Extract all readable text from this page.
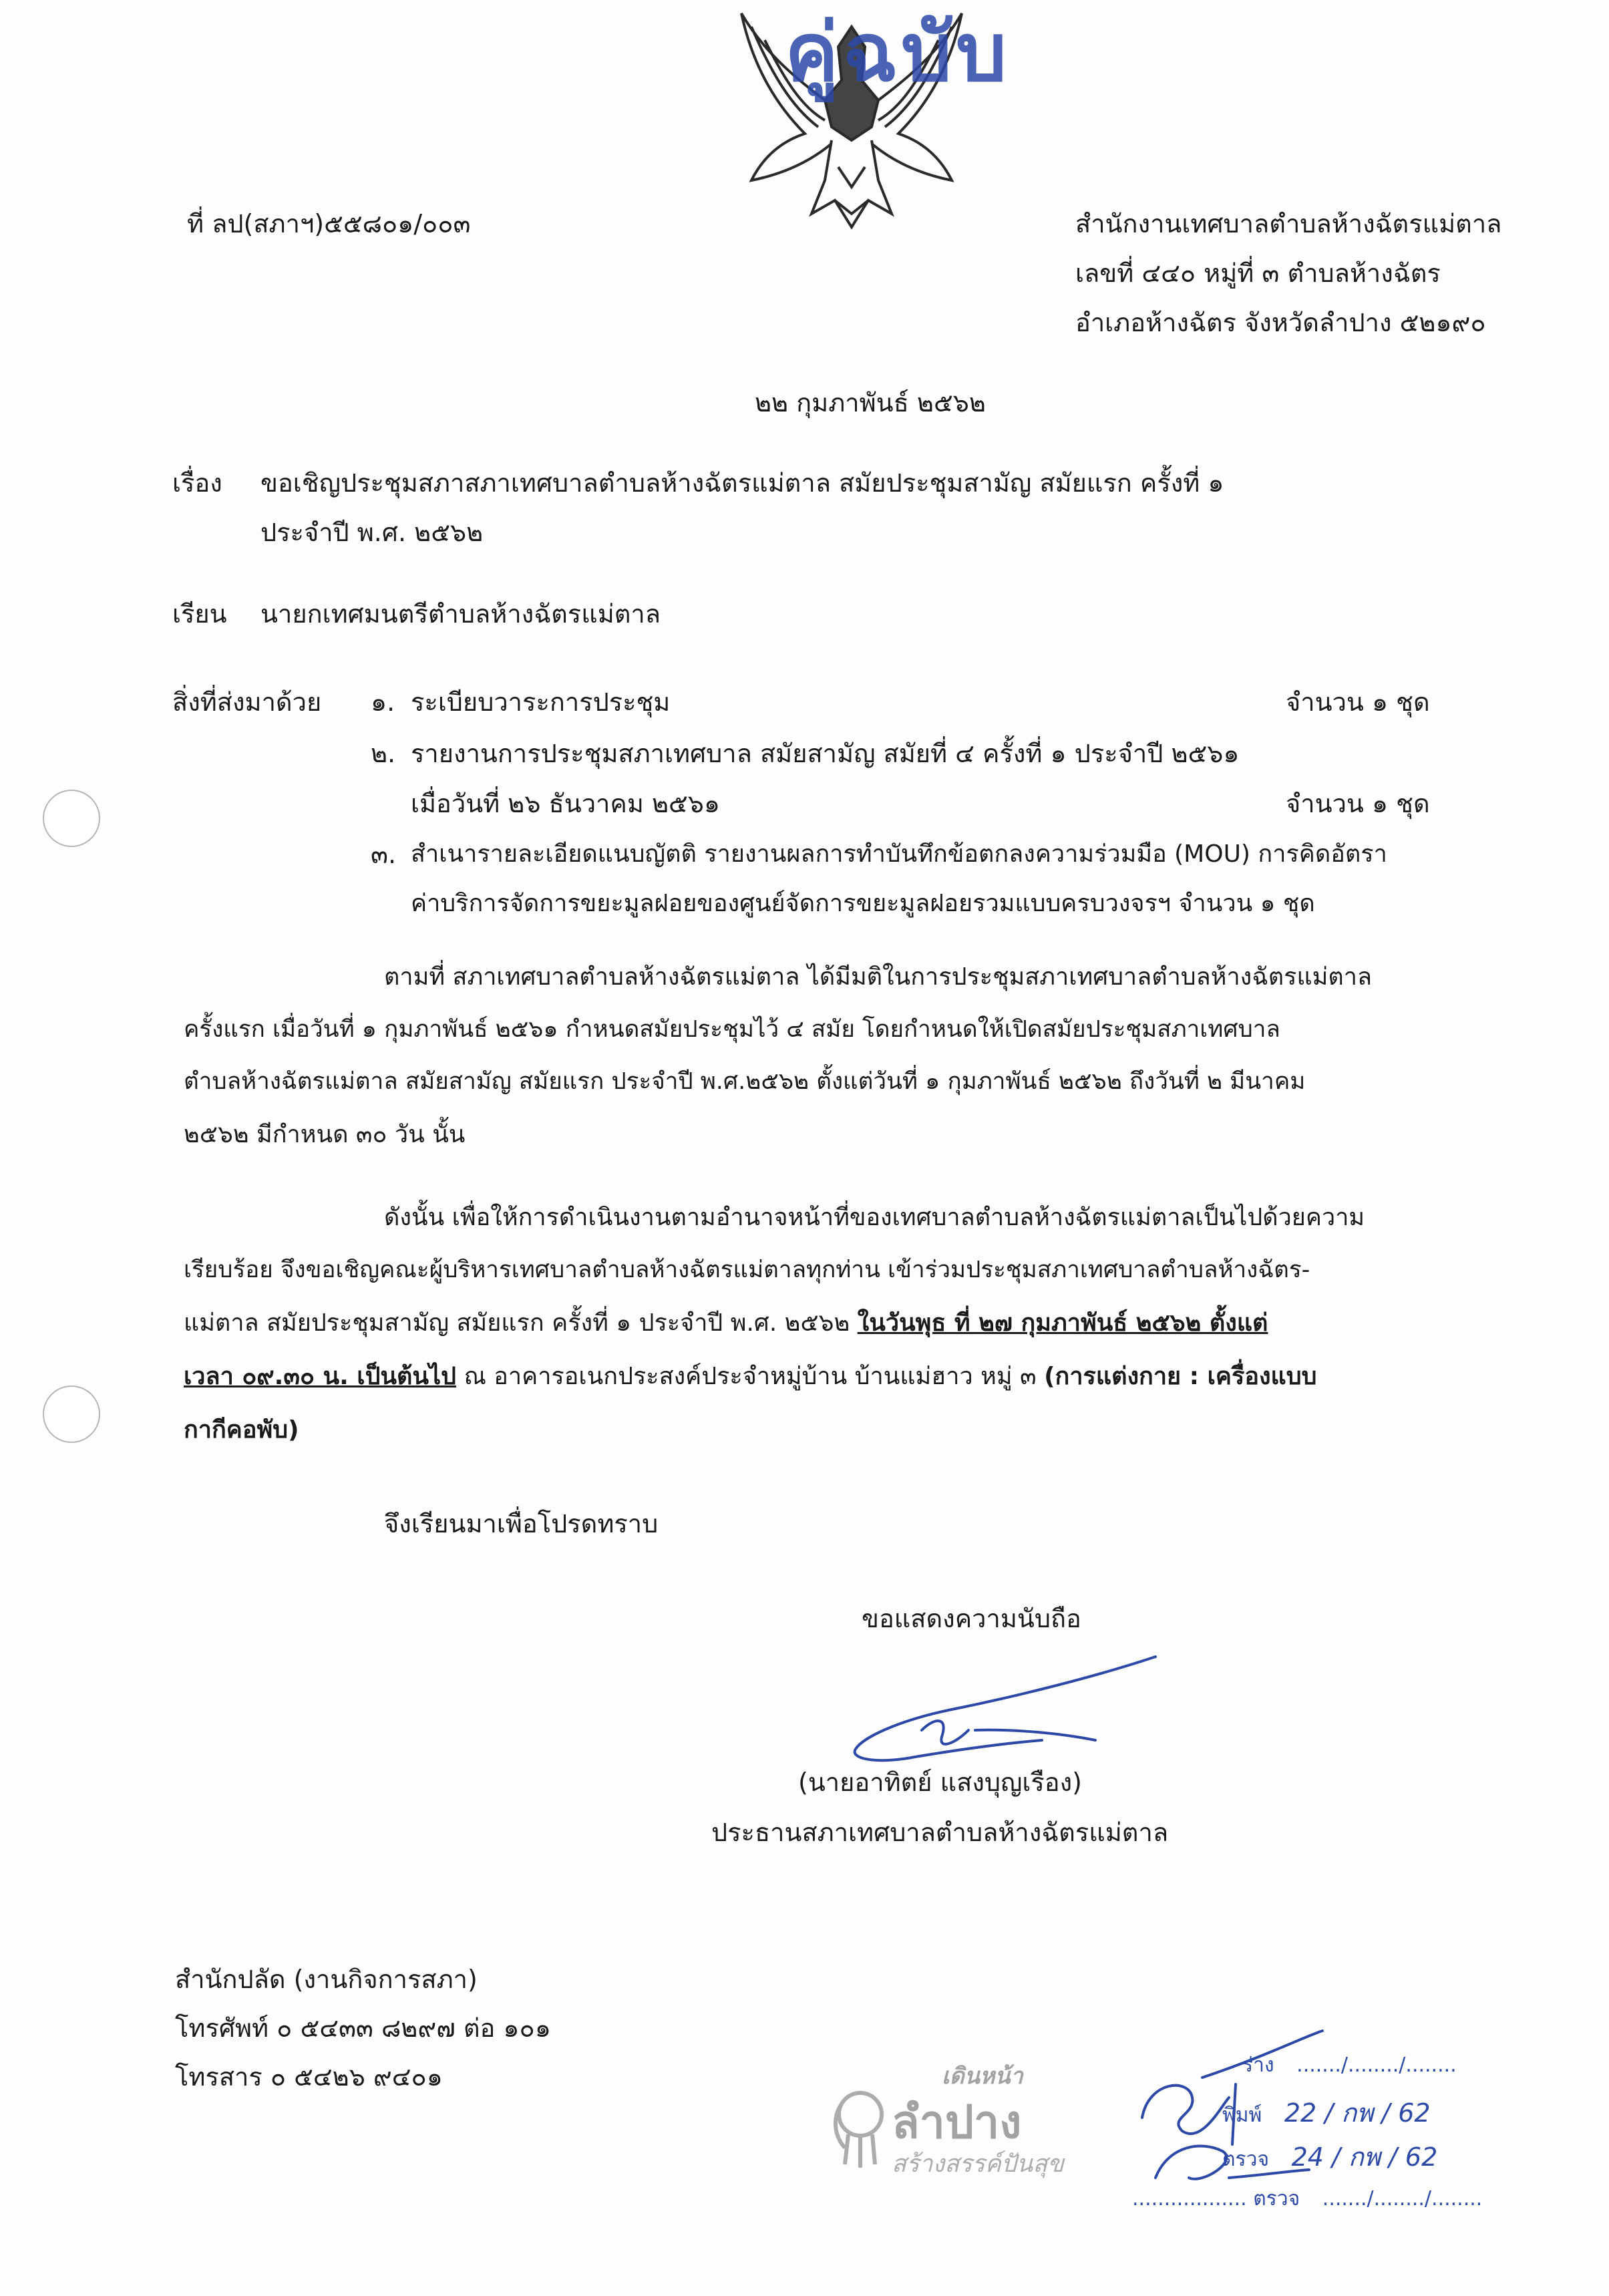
คู่ฉบับ
ที่ ลป(สภาฯ)๕๕๘๐๑/๐๐๓	สำนักงานเทศบาลตำบลห้างฉัตรแม่ตาล
เลขที่ ๔๔๐ หมู่ที่ ๓ ตำบลห้างฉัตร
อำเภอห้างฉัตร จังหวัดลำปาง ๕๒๑๙๐
๒๒ กุมภาพันธ์ ๒๕๖๒
เรื่อง ขอเชิญประชุมสภาสภาเทศบาลตำบลห้างฉัตรแม่ตาล สมัยประชุมสามัญ สมัยแรก ครั้งที่ ๑
ประจำปี พ.ศ. ๒๕๖๒
เรียน นายกเทศมนตรีตำบลห้างฉัตรแม่ตาล
สิ่งที่ส่งมาด้วย ๑. ระเบียบวาระการประชุม	จำนวน ๑ ชุด
๒. รายงานการประชุมสภาเทศบาล สมัยสามัญ สมัยที่ ๔ ครั้งที่ ๑ ประจำปี ๒๕๖๑
เมื่อวันที่ ๒๖ ธันวาคม ๒๕๖๑	จำนวน ๑ ชุด
๓. สำเนารายละเอียดแนบญัตติ รายงานผลการทำบันทึกข้อตกลงความร่วมมือ (MOU) การคิดอัตรา
ค่าบริการจัดการขยะมูลฝอยของศูนย์จัดการขยะมูลฝอยรวมแบบครบวงจรฯ จำนวน ๑ ชุด
ตามที่ สภาเทศบาลตำบลห้างฉัตรแม่ตาล ได้มีมติในการประชุมสภาเทศบาลตำบลห้างฉัตรแม่ตาล
ครั้งแรก เมื่อวันที่ ๑ กุมภาพันธ์ ๒๕๖๑ กำหนดสมัยประชุมไว้ ๔ สมัย โดยกำหนดให้เปิดสมัยประชุมสภาเทศบาล
ตำบลห้างฉัตรแม่ตาล สมัยสามัญ สมัยแรก ประจำปี พ.ศ.๒๕๖๒ ตั้งแต่วันที่ ๑ กุมภาพันธ์ ๒๕๖๒ ถึงวันที่ ๒ มีนาคม
๒๕๖๒ มีกำหนด ๓๐ วัน นั้น
ดังนั้น เพื่อให้การดำเนินงานตามอำนาจหน้าที่ของเทศบาลตำบลห้างฉัตรแม่ตาลเป็นไปด้วยความ
เรียบร้อย จึงขอเชิญคณะผู้บริหารเทศบาลตำบลห้างฉัตรแม่ตาลทุกท่าน เข้าร่วมประชุมสภาเทศบาลตำบลห้างฉัตร-
แม่ตาล สมัยประชุมสามัญ สมัยแรก ครั้งที่ ๑ ประจำปี พ.ศ. ๒๕๖๒ ในวันพุธ ที่ ๒๗ กุมภาพันธ์ ๒๕๖๒ ตั้งแต่
เวลา ๐๙.๓๐ น. เป็นต้นไป ณ อาคารอเนกประสงค์ประจำหมู่บ้าน บ้านแม่ฮาว หมู่ ๓ (การแต่งกาย : เครื่องแบบ
กากีคอพับ)
จึงเรียนมาเพื่อโปรดทราบ
ขอแสดงความนับถือ
(นายอาทิตย์ แสงบุญเรือง)
ประธานสภาเทศบาลตำบลห้างฉัตรแม่ตาล
สำนักปลัด (งานกิจการสภา)
โทรศัพท์ ๐ ๕๔๓๓ ๘๒๙๗ ต่อ ๑๐๑
โทรสาร ๐ ๕๔๒๖ ๙๔๐๑	เดินหน้า
ลำปาง
สร้างสรรค์ปันสุข
ร่าง ......./......../........
พิมพ์ 22 / กพ / 62
ตรวจ 24 / กพ / 62
.................. ตรวจ ......./......../........
